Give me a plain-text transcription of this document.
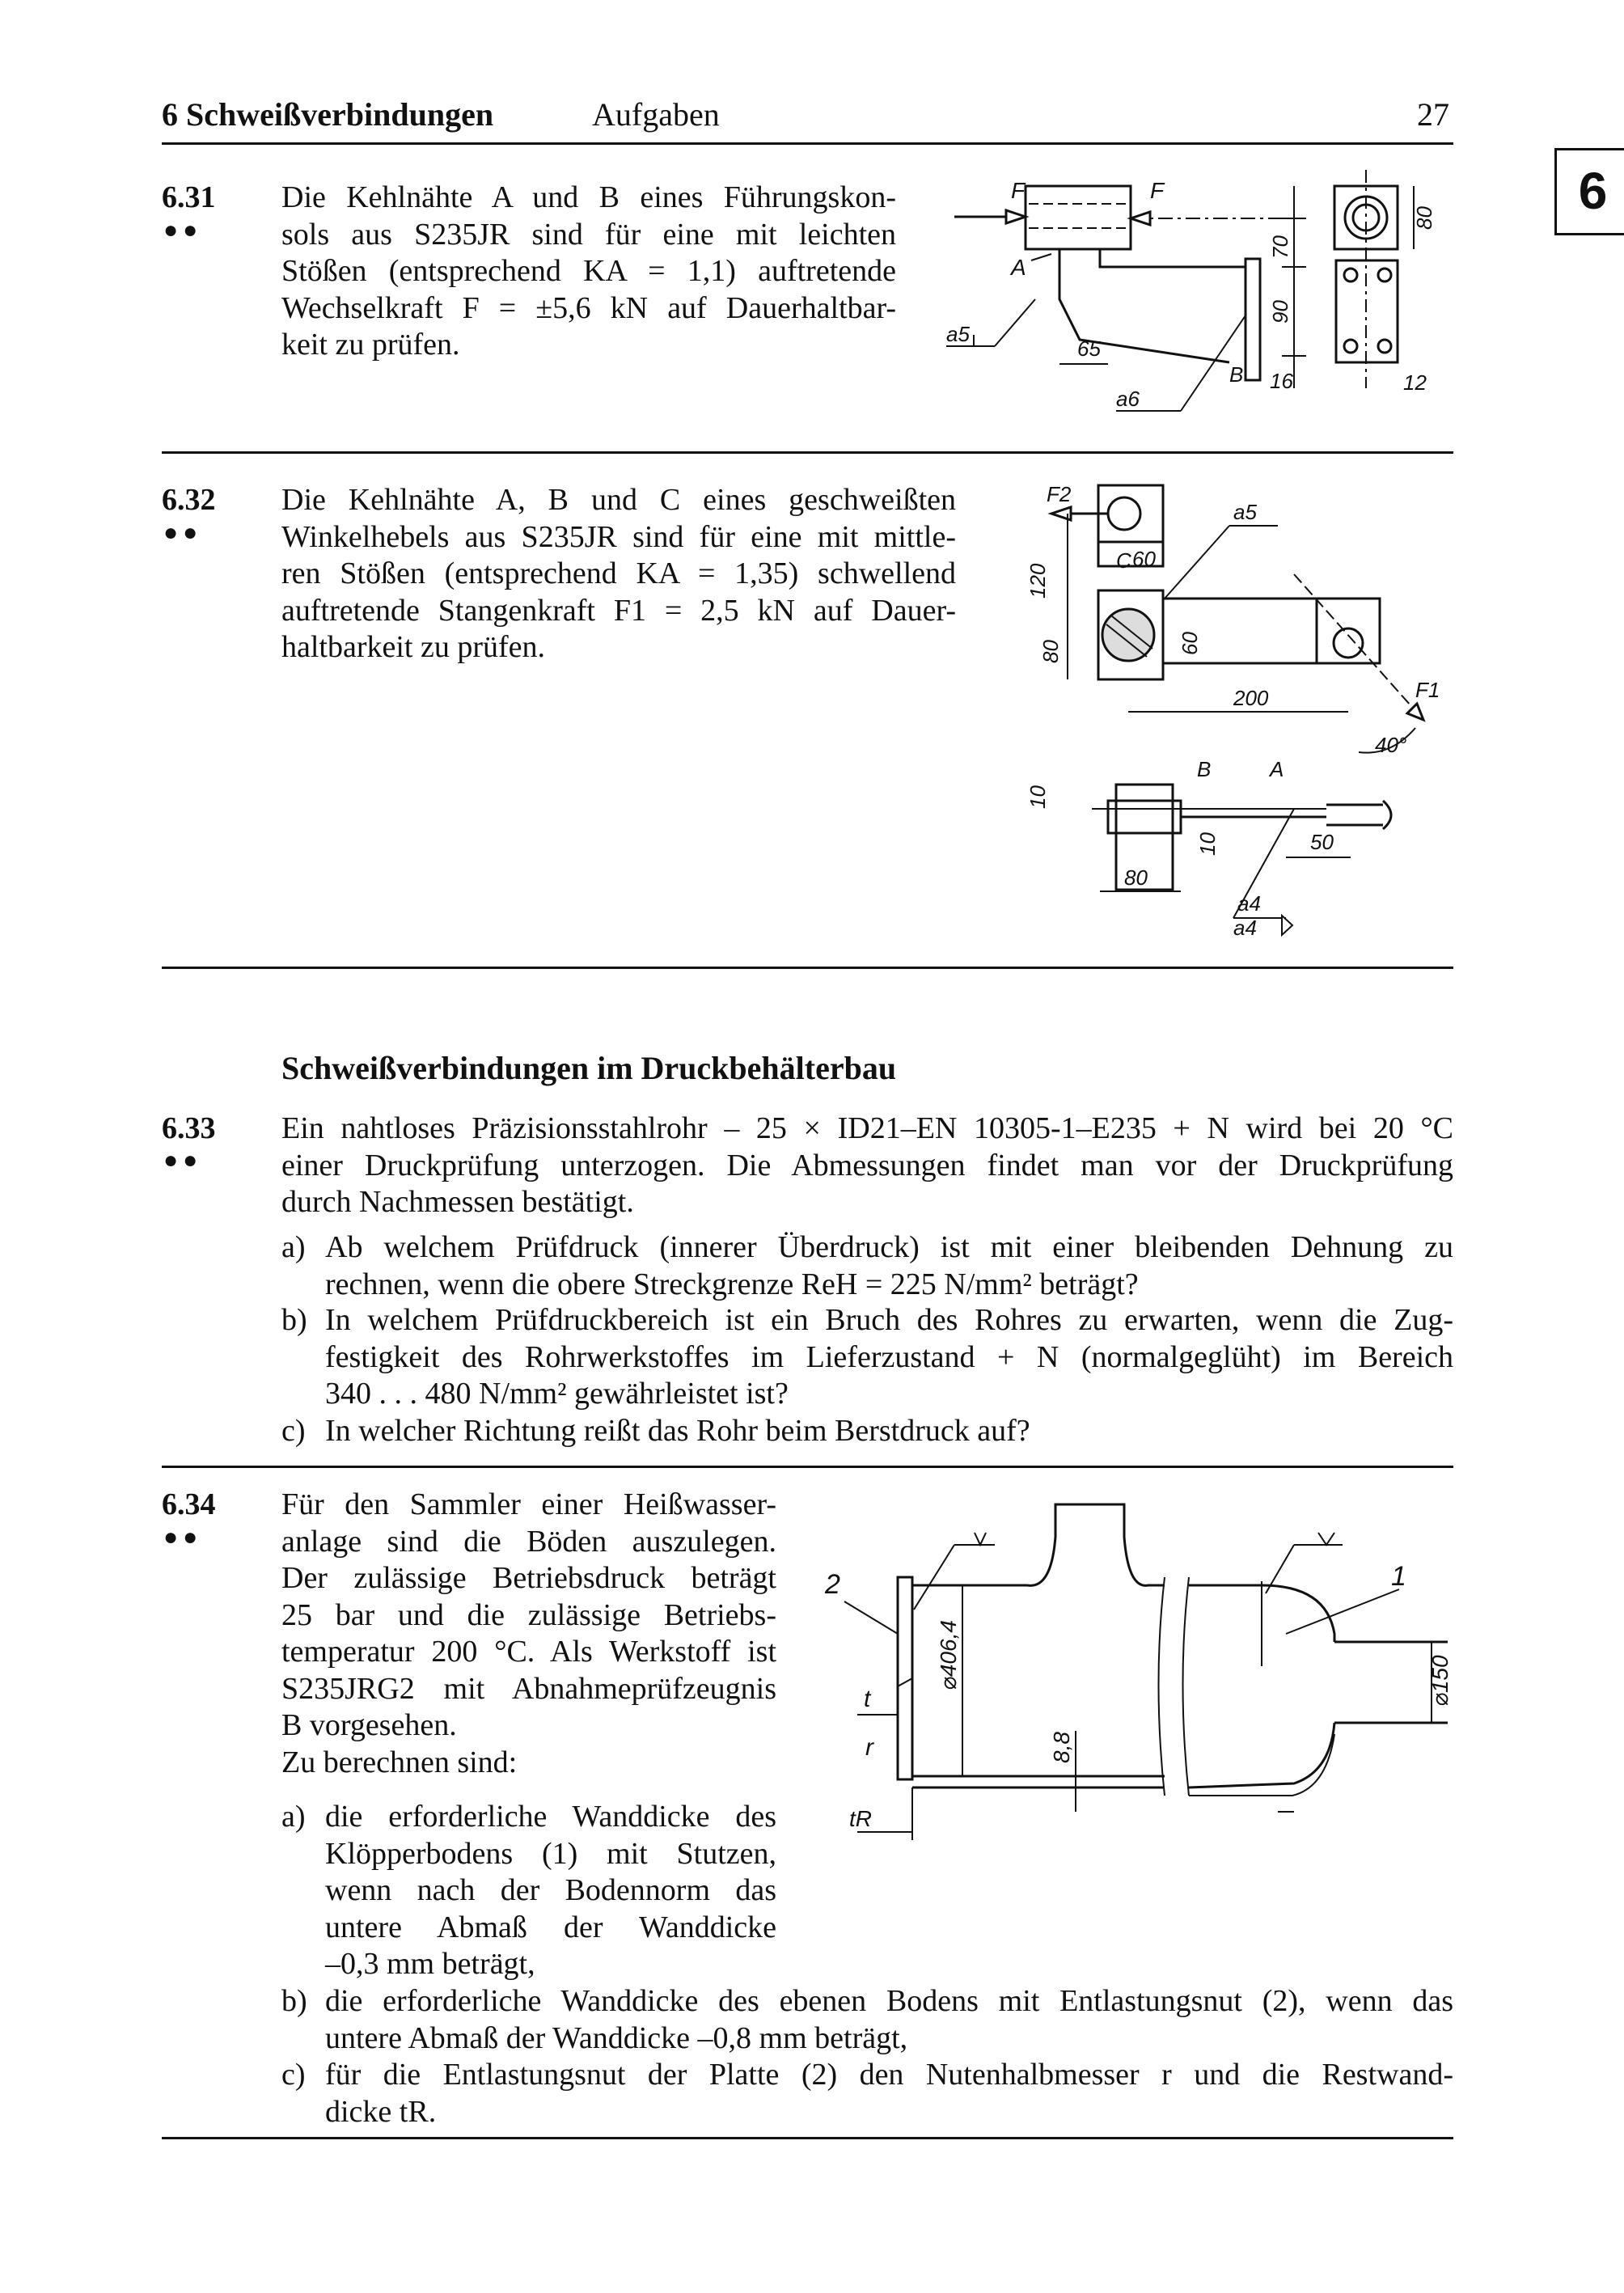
6 Schweißverbindungen	Aufgaben	27
6
6.31
●●
Die Kehlnähte A und B eines Führungskon-
sols aus S235JR sind für eine mit leichten
Stößen (entsprechend KA = 1,1) auftretende
Wechselkraft F = ±5,6 kN auf Dauerhaltbar-
keit zu prüfen.
F	F
A
a5
65
B
a6
70
90
16
80
12
6.32
●●
Die Kehlnähte A, B und C eines geschweißten
Winkelhebels aus S235JR sind für eine mit mittle-
ren Stößen (entsprechend KA = 1,35) schwellend
auftretende Stangenkraft F1 = 2,5 kN auf Dauer-
haltbarkeit zu prüfen.
F2
C 60
a5
60
120
80
200	F1
40°
10
10
B	A
50
80
a4
a4
Schweißverbindungen im Druckbehälterbau
6.33
●●
Ein nahtloses Präzisionsstahlrohr – 25 × ID21–EN 10305-1–E235 + N wird bei 20 °C
einer Druckprüfung unterzogen. Die Abmessungen findet man vor der Druckprüfung
durch Nachmessen bestätigt.
a) Ab welchem Prüfdruck (innerer Überdruck) ist mit einer bleibenden Dehnung zu
rechnen, wenn die obere Streckgrenze ReH = 225 N/mm² beträgt?
b) In welchem Prüfdruckbereich ist ein Bruch des Rohres zu erwarten, wenn die Zug-
festigkeit des Rohrwerkstoffes im Lieferzustand + N (normalgeglüht) im Bereich
340 . . . 480 N/mm² gewährleistet ist?
c) In welcher Richtung reißt das Rohr beim Berstdruck auf?
6.34
●●
Für den Sammler einer Heißwasser-
anlage sind die Böden auszulegen.
Der zulässige Betriebsdruck beträgt
25 bar und die zulässige Betriebs-
temperatur 200 °C. Als Werkstoff ist
S235JRG2 mit Abnahmeprüfzeugnis
B vorgesehen.
Zu berechnen sind:
a) die erforderliche Wanddicke des
Klöpperbodens (1) mit Stutzen,
wenn nach der Bodennorm das
untere Abmaß der Wanddicke
–0,3 mm beträgt,
b) die erforderliche Wanddicke des ebenen Bodens mit Entlastungsnut (2), wenn das
untere Abmaß der Wanddicke –0,8 mm beträgt,
c) für die Entlastungsnut der Platte (2) den Nutenhalbmesser r und die Restwand-
dicke tR.
2	1
⌀406,4
8,8
⌀150
t
r
tR
